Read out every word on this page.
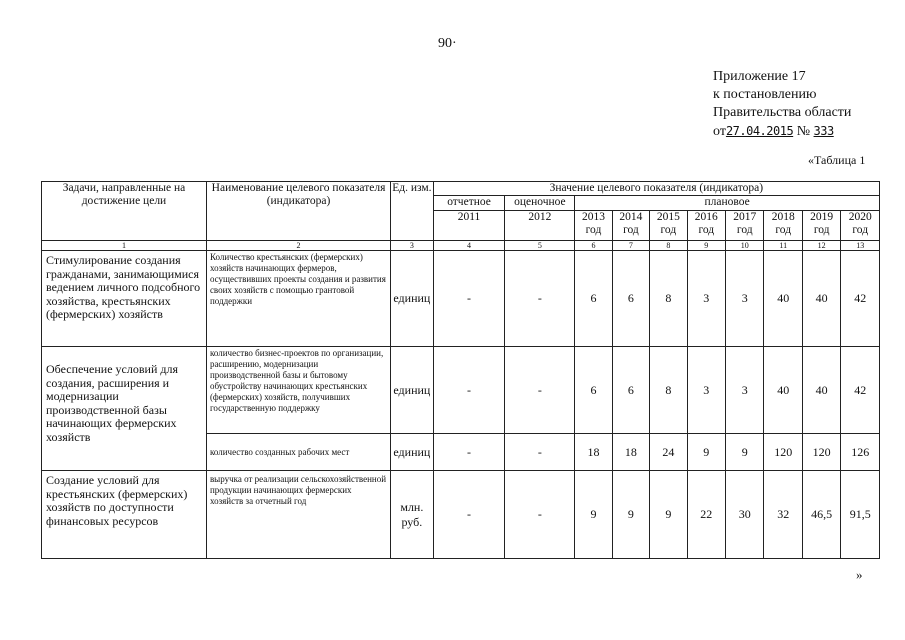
90·
Приложение 17
к постановлению
Правительства области
от27.04.2015 № 333
«Таблица 1
Задачи, направленные на достижение цели	Наименование целевого показателя (индикатора)	Ед. изм.	Значение целевого показателя (индикатора)									
			отчетное	оценочное	плановое							
			2011	2012	2013 год	2014 год	2015 год	2016 год	2017 год	2018 год	2019 год	2020 год
1	2	3	4	5	6	7	8	9	10	11	12	13
Стимулирование создания гражданами, занимающимися ведением личного подсобного хозяйства, крестьянских (фермерских) хозяйств	Количество крестьянских (фермерских) хозяйств начинающих фермеров, осуществивших проекты создания и развития своих хозяйств с помощью грантовой поддержки	единиц	-	-	6	6	8	3	3	40	40	42
Обеспечение условий для создания, расширения и модернизации производственной базы начинающих фермерских хозяйств	количество бизнес-проектов по организации, расширению, модернизации производственной базы и бытовому обустройству начинающих крестьянских (фермерских) хозяйств, получивших государственную поддержку	единиц	-	-	6	6	8	3	3	40	40	42
	количество созданных рабочих мест	единиц	-	-	18	18	24	9	9	120	120	126
Создание условий для крестьянских (фермерских) хозяйств по доступности финансовых ресурсов	выручка от реализации сельскохозяйственной продукции начинающих фермерских хозяйств за отчетный год	млн. руб.	-	-	9	9	9	22	30	32	46,5	91,5
»
